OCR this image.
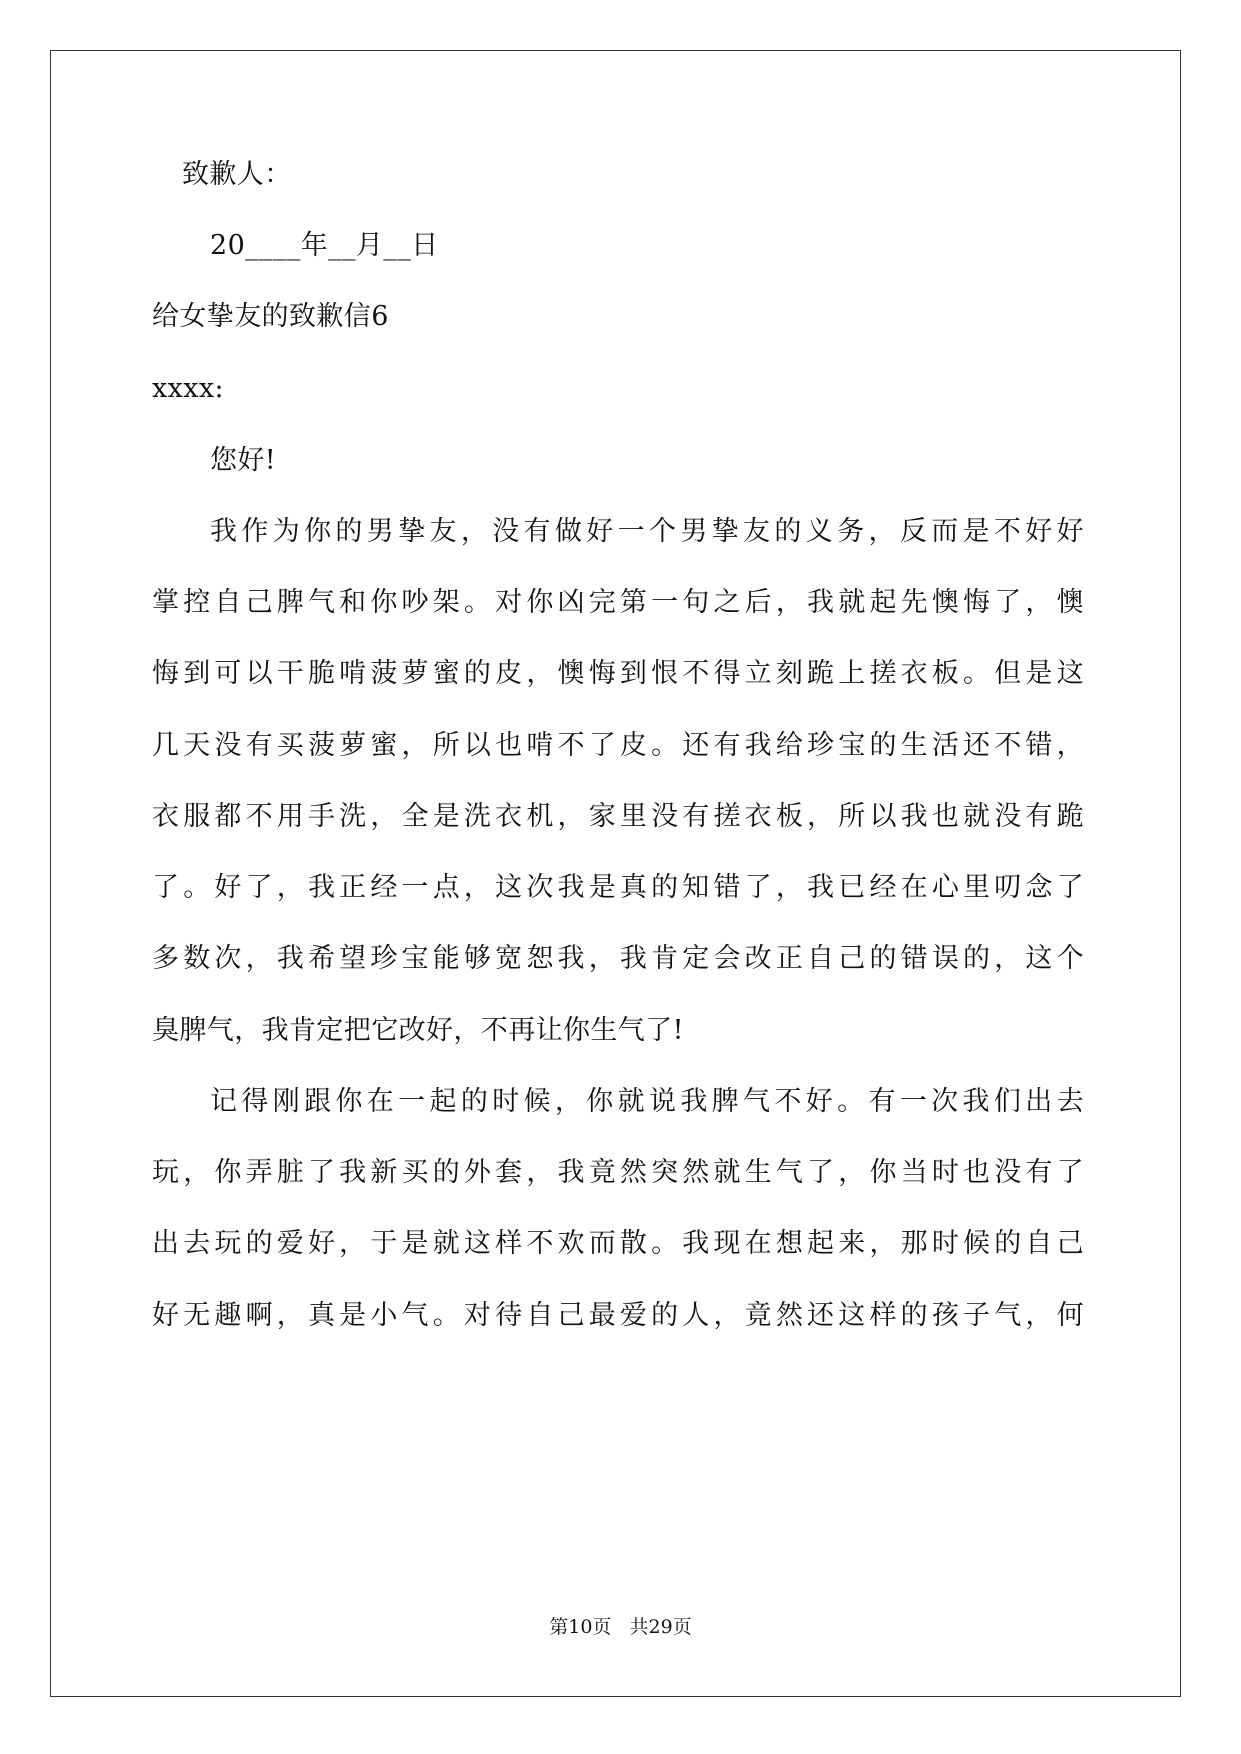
致歉人：
20____年__月__日
给女挚友的致歉信6
xxxx:
您好!
我作为你的男挚友，没有做好一个男挚友的义务，反而是不好好
掌控自己脾气和你吵架。对你凶完第一句之后，我就起先懊悔了，懊
悔到可以干脆啃菠萝蜜的皮，懊悔到恨不得立刻跪上搓衣板。但是这
几天没有买菠萝蜜，所以也啃不了皮。还有我给珍宝的生活还不错，
衣服都不用手洗，全是洗衣机，家里没有搓衣板，所以我也就没有跪
了。好了，我正经一点，这次我是真的知错了，我已经在心里叨念了
多数次，我希望珍宝能够宽恕我，我肯定会改正自己的错误的，这个
臭脾气，我肯定把它改好，不再让你生气了!
记得刚跟你在一起的时候，你就说我脾气不好。有一次我们出去
玩，你弄脏了我新买的外套，我竟然突然就生气了，你当时也没有了
出去玩的爱好，于是就这样不欢而散。我现在想起来，那时候的自己
好无趣啊，真是小气。对待自己最爱的人，竟然还这样的孩子气，何
第10页   共29页
